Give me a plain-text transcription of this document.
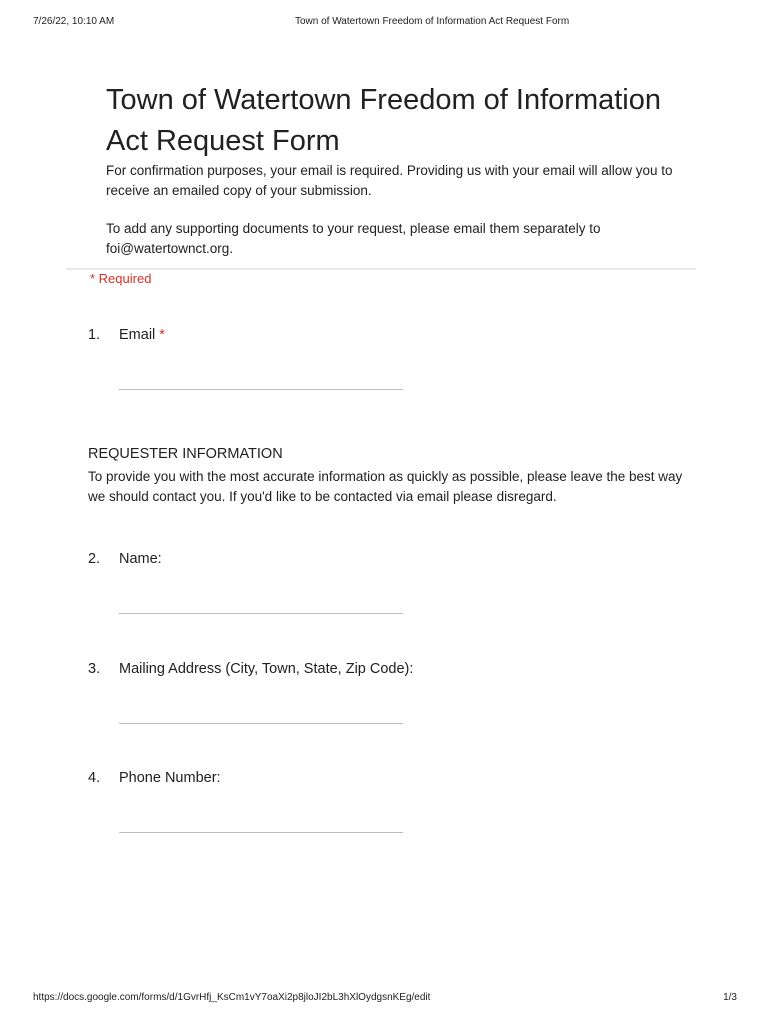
7/26/22, 10:10 AM	Town of Watertown Freedom of Information Act Request Form
Town of Watertown Freedom of Information Act Request Form

For confirmation purposes, your email is required. Providing us with your email will allow you to receive an emailed copy of your submission.

To add any supporting documents to your request, please email them separately to foi@watertownct.org.

* Required
1. Email *
REQUESTER INFORMATION
To provide you with the most accurate information as quickly as possible, please leave the best way we should contact you. If you'd like to be contacted via email please disregard.
2. Name:
3. Mailing Address (City, Town, State, Zip Code):
4. Phone Number:
https://docs.google.com/forms/d/1GvrHfj_KsCm1vY7oaXi2p8jloJI2bL3hXlOydgsnKEg/edit	1/3
